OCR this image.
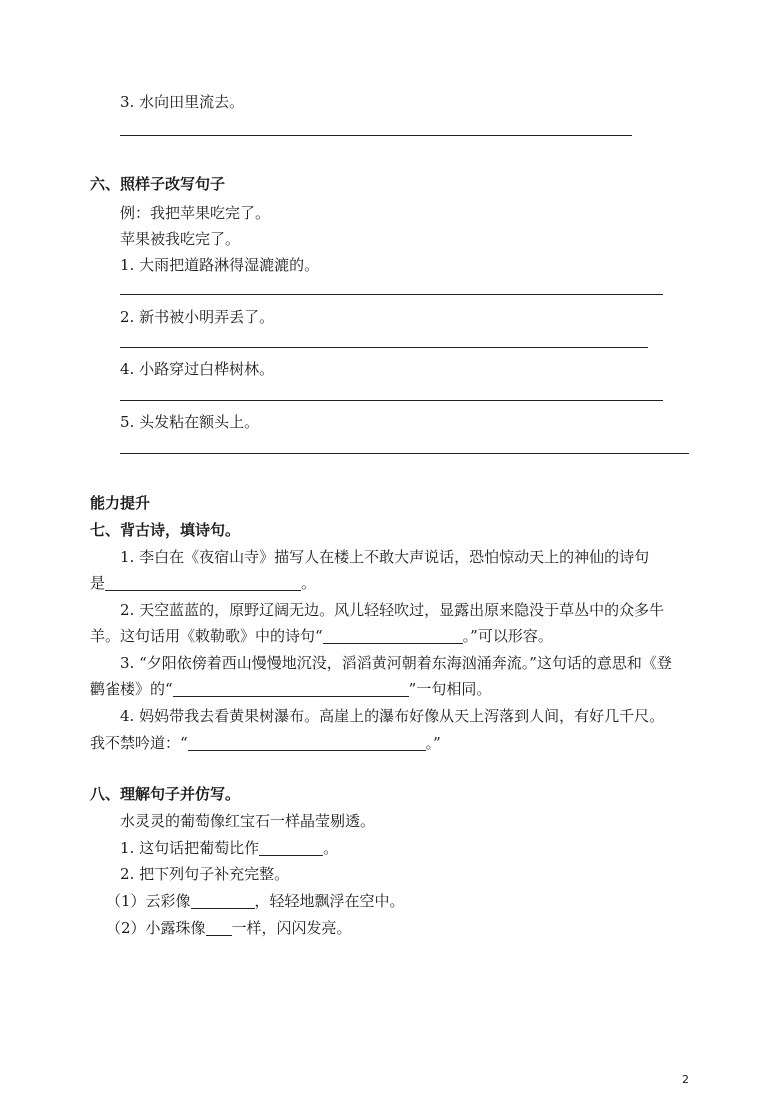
3. 水向田里流去。
六、照样子改写句子
例：我把苹果吃完了。
苹果被我吃完了。
1. 大雨把道路淋得湿漉漉的。
2. 新书被小明弄丢了。
4. 小路穿过白桦树林。
5. 头发粘在额头上。
能力提升
七、背古诗，填诗句。
1. 李白在《夜宿山寺》描写人在楼上不敢大声说话，恐怕惊动天上的神仙的诗句
是	。
2. 天空蓝蓝的，原野辽阔无边。风儿轻轻吹过，显露出原来隐没于草丛中的众多牛
羊。这句话用《敕勒歌》中的诗句“	。”可以形容。
3. “夕阳依傍着西山慢慢地沉没，滔滔黄河朝着东海汹涌奔流。”这句话的意思和《登
鹳雀楼》的“	”一句相同。
4. 妈妈带我去看黄果树瀑布。高崖上的瀑布好像从天上泻落到人间，有好几千尺。
我不禁吟道：“	。”
八、理解句子并仿写。
水灵灵的葡萄像红宝石一样晶莹剔透。
1. 这句话把葡萄比作	。
2. 把下列句子补充完整。
（1）云彩像	，轻轻地飘浮在空中。
（2）小露珠像 一样，闪闪发亮。
2
